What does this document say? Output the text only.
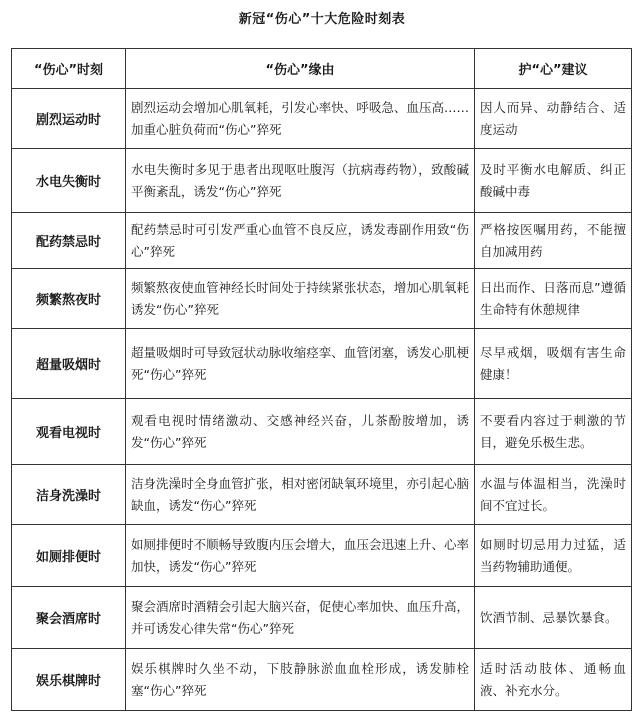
新冠“伤心”十大危险时刻表
“伤心”时刻	“伤心”缘由	护“心”建议
剧烈运动时	剧烈运动会增加心肌氧耗，引发心率快、呼吸急、血压高……加重心脏负荷而“伤心”猝死	因人而异、动静结合、适度运动
水电失衡时	水电失衡时多见于患者出现呕吐腹泻（抗病毒药物），致酸碱平衡紊乱，诱发“伤心”猝死	及时平衡水电解质、纠正酸碱中毒
配药禁忌时	配药禁忌时可引发严重心血管不良反应，诱发毒副作用致“伤心”猝死	严格按医嘱用药，不能擅自加减用药
频繁熬夜时	频繁熬夜使血管神经长时间处于持续紧张状态，增加心肌氧耗诱发“伤心”猝死	日出而作、日落而息”遵循生命特有休憩规律
超量吸烟时	超量吸烟时可导致冠状动脉收缩痉挛、血管闭塞，诱发心肌梗死“伤心”猝死	尽早戒烟，吸烟有害生命健康！
观看电视时	观看电视时情绪激动、交感神经兴奋，儿茶酚胺增加，诱发“伤心”猝死	不要看内容过于刺激的节目，避免乐极生悲。
洁身洗澡时	洁身洗澡时全身血管扩张，相对密闭缺氧环境里，亦引起心脑缺血，诱发“伤心”猝死	水温与体温相当，洗澡时间不宜过长。
如厕排便时	如厕排便时不顺畅导致腹内压会增大，血压会迅速上升、心率加快，诱发“伤心”猝死	如厕时切忌用力过猛，适当药物辅助通便。
聚会酒席时	聚会酒席时酒精会引起大脑兴奋，促使心率加快、血压升高，并可诱发心律失常“伤心”猝死	饮酒节制、忌暴饮暴食。
娱乐棋牌时	娱乐棋牌时久坐不动，下肢静脉淤血血栓形成，诱发肺栓塞“伤心”猝死	适时活动肢体、通畅血液、补充水分。
